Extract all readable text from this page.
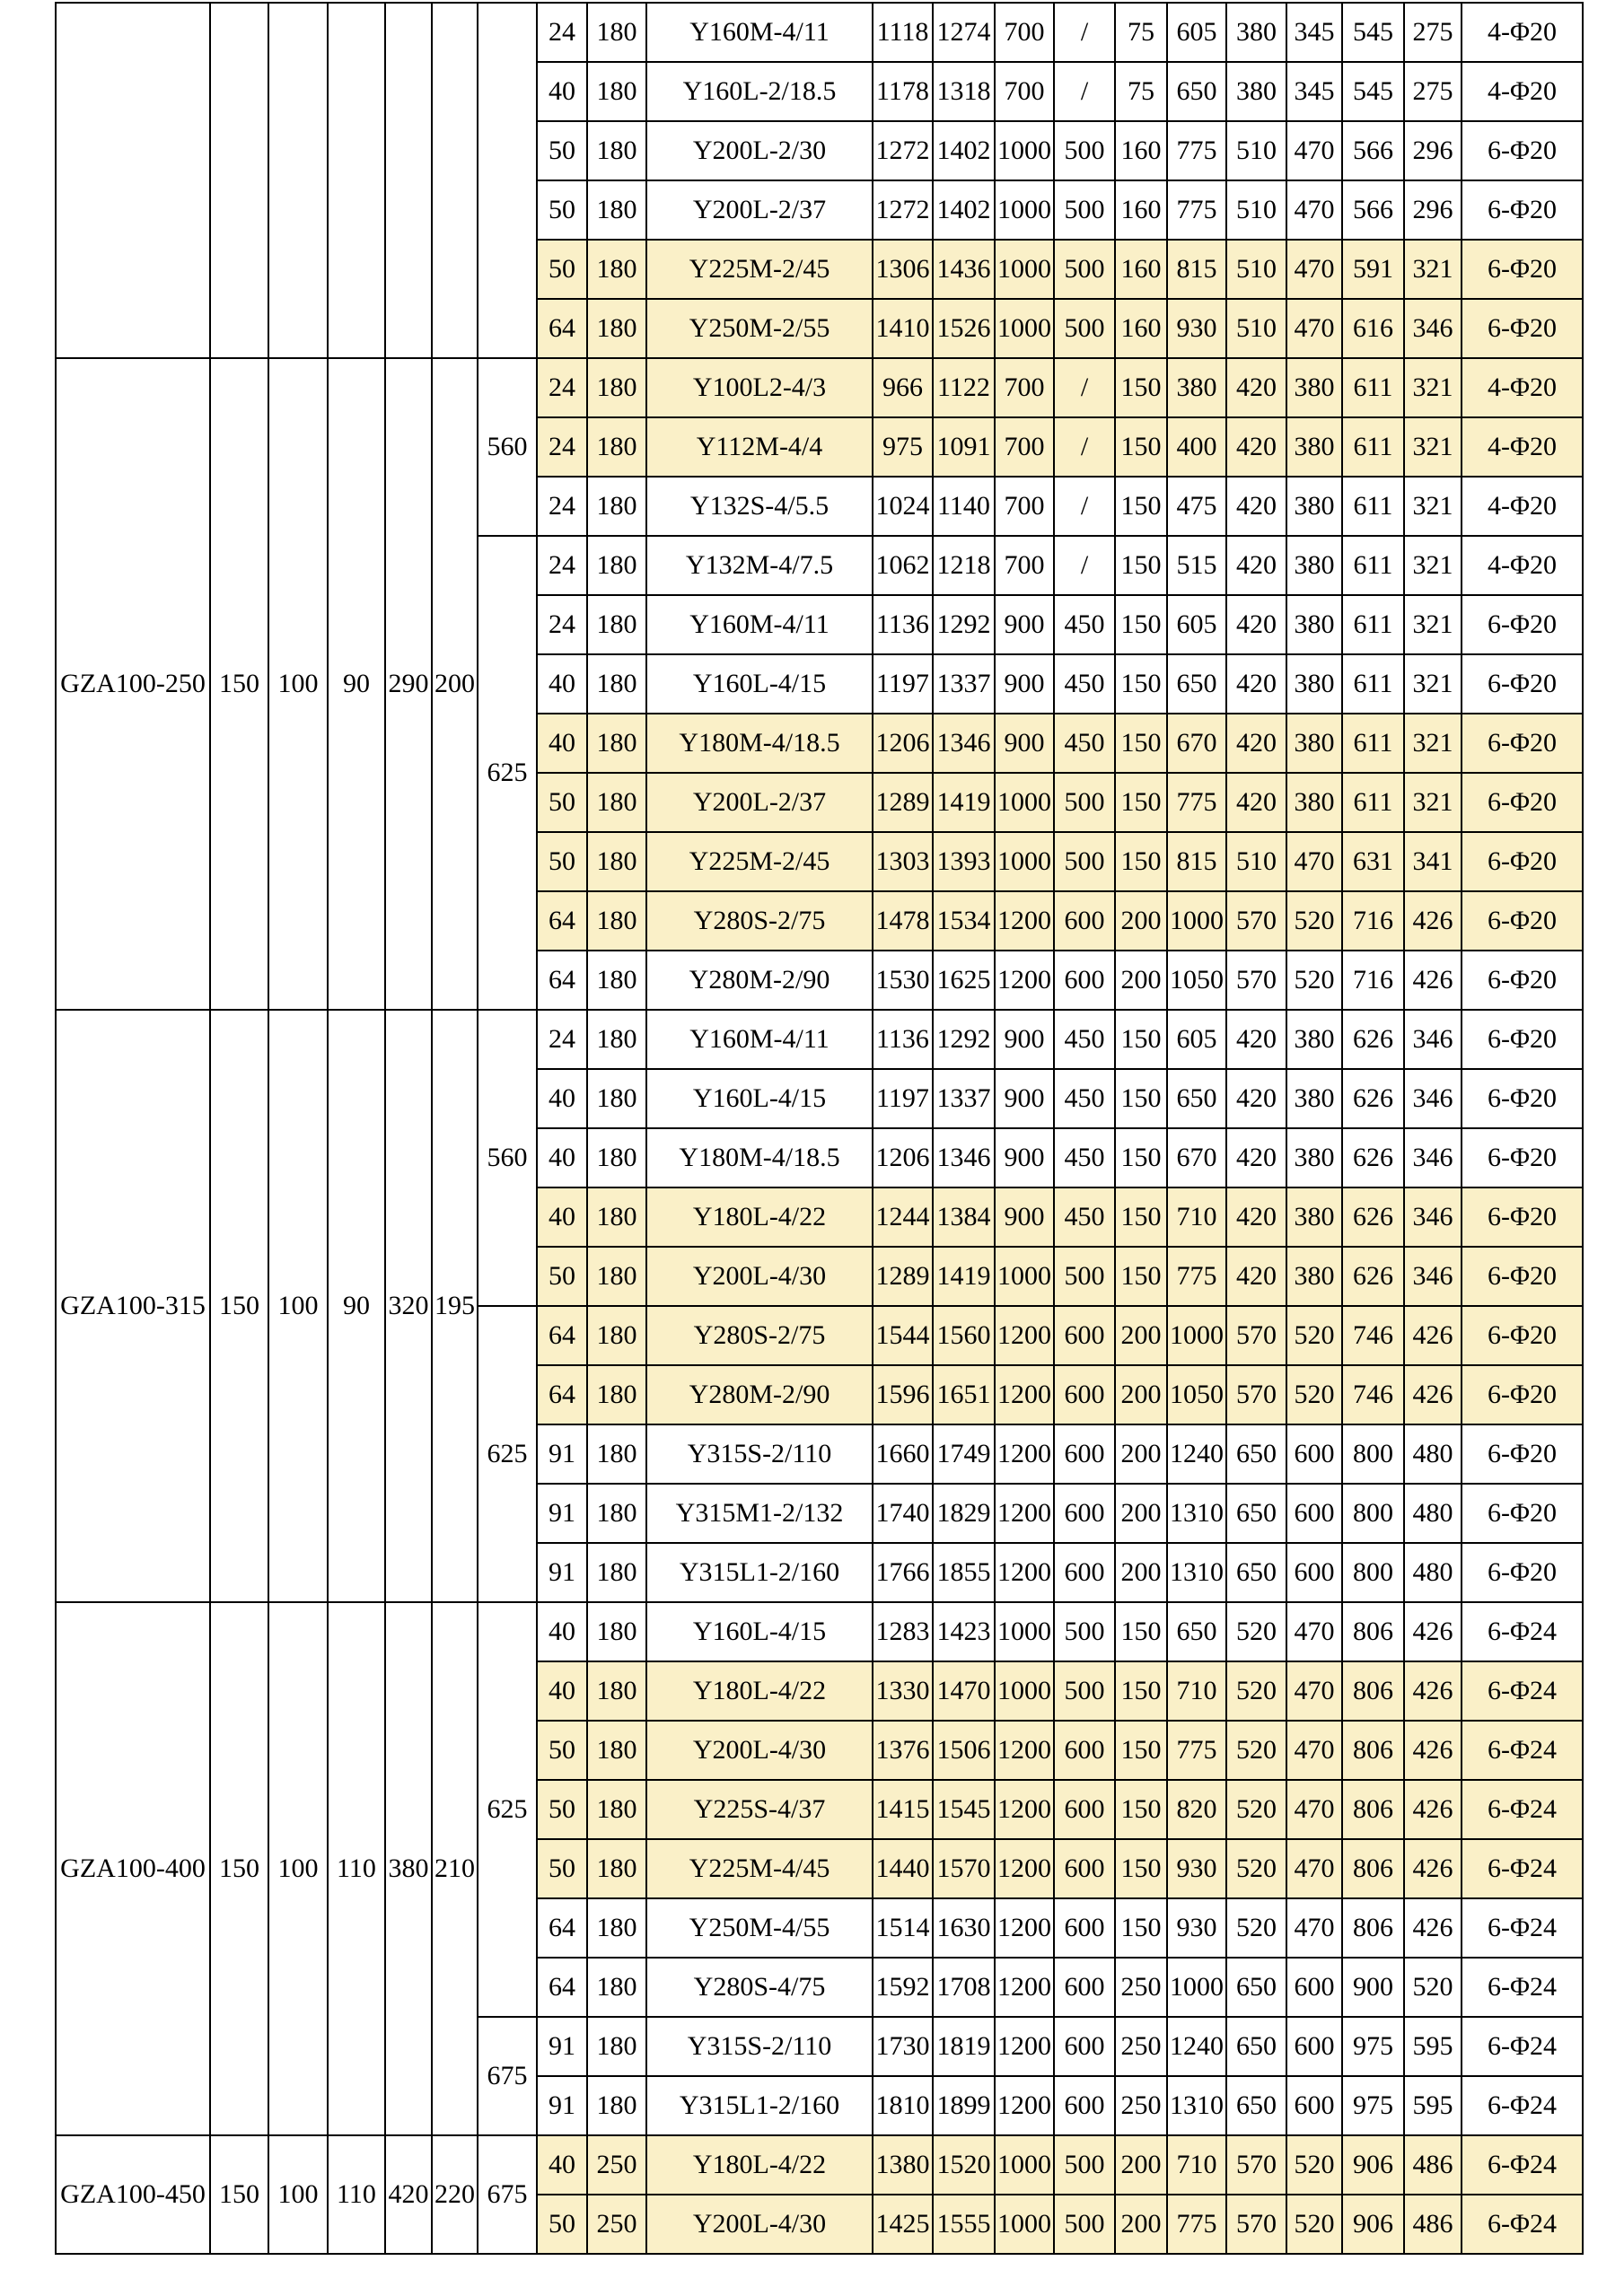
							24	180	Y160M-4/11	1118	1274	700	/	75	605	380	345	545	275	4-Φ20
							40	180	Y160L-2/18.5	1178	1318	700	/	75	650	380	345	545	275	4-Φ20
							50	180	Y200L-2/30	1272	1402	1000	500	160	775	510	470	566	296	6-Φ20
							50	180	Y200L-2/37	1272	1402	1000	500	160	775	510	470	566	296	6-Φ20
							50	180	Y225M-2/45	1306	1436	1000	500	160	815	510	470	591	321	6-Φ20
							64	180	Y250M-2/55	1410	1526	1000	500	160	930	510	470	616	346	6-Φ20
GZA100-250	150	100	90	290	200	560	24	180	Y100L2-4/3	966	1122	700	/	150	380	420	380	611	321	4-Φ20
							24	180	Y112M-4/4	975	1091	700	/	150	400	420	380	611	321	4-Φ20
							24	180	Y132S-4/5.5	1024	1140	700	/	150	475	420	380	611	321	4-Φ20
						625	24	180	Y132M-4/7.5	1062	1218	700	/	150	515	420	380	611	321	4-Φ20
							24	180	Y160M-4/11	1136	1292	900	450	150	605	420	380	611	321	6-Φ20
							40	180	Y160L-4/15	1197	1337	900	450	150	650	420	380	611	321	6-Φ20
							40	180	Y180M-4/18.5	1206	1346	900	450	150	670	420	380	611	321	6-Φ20
							50	180	Y200L-2/37	1289	1419	1000	500	150	775	420	380	611	321	6-Φ20
							50	180	Y225M-2/45	1303	1393	1000	500	150	815	510	470	631	341	6-Φ20
							64	180	Y280S-2/75	1478	1534	1200	600	200	1000	570	520	716	426	6-Φ20
							64	180	Y280M-2/90	1530	1625	1200	600	200	1050	570	520	716	426	6-Φ20
GZA100-315	150	100	90	320	195	560	24	180	Y160M-4/11	1136	1292	900	450	150	605	420	380	626	346	6-Φ20
							40	180	Y160L-4/15	1197	1337	900	450	150	650	420	380	626	346	6-Φ20
							40	180	Y180M-4/18.5	1206	1346	900	450	150	670	420	380	626	346	6-Φ20
							40	180	Y180L-4/22	1244	1384	900	450	150	710	420	380	626	346	6-Φ20
							50	180	Y200L-4/30	1289	1419	1000	500	150	775	420	380	626	346	6-Φ20
						625	64	180	Y280S-2/75	1544	1560	1200	600	200	1000	570	520	746	426	6-Φ20
							64	180	Y280M-2/90	1596	1651	1200	600	200	1050	570	520	746	426	6-Φ20
							91	180	Y315S-2/110	1660	1749	1200	600	200	1240	650	600	800	480	6-Φ20
							91	180	Y315M1-2/132	1740	1829	1200	600	200	1310	650	600	800	480	6-Φ20
							91	180	Y315L1-2/160	1766	1855	1200	600	200	1310	650	600	800	480	6-Φ20
GZA100-400	150	100	110	380	210	625	40	180	Y160L-4/15	1283	1423	1000	500	150	650	520	470	806	426	6-Φ24
							40	180	Y180L-4/22	1330	1470	1000	500	150	710	520	470	806	426	6-Φ24
							50	180	Y200L-4/30	1376	1506	1200	600	150	775	520	470	806	426	6-Φ24
							50	180	Y225S-4/37	1415	1545	1200	600	150	820	520	470	806	426	6-Φ24
							50	180	Y225M-4/45	1440	1570	1200	600	150	930	520	470	806	426	6-Φ24
							64	180	Y250M-4/55	1514	1630	1200	600	150	930	520	470	806	426	6-Φ24
							64	180	Y280S-4/75	1592	1708	1200	600	250	1000	650	600	900	520	6-Φ24
						675	91	180	Y315S-2/110	1730	1819	1200	600	250	1240	650	600	975	595	6-Φ24
							91	180	Y315L1-2/160	1810	1899	1200	600	250	1310	650	600	975	595	6-Φ24
GZA100-450	150	100	110	420	220	675	40	250	Y180L-4/22	1380	1520	1000	500	200	710	570	520	906	486	6-Φ24
							50	250	Y200L-4/30	1425	1555	1000	500	200	775	570	520	906	486	6-Φ24
